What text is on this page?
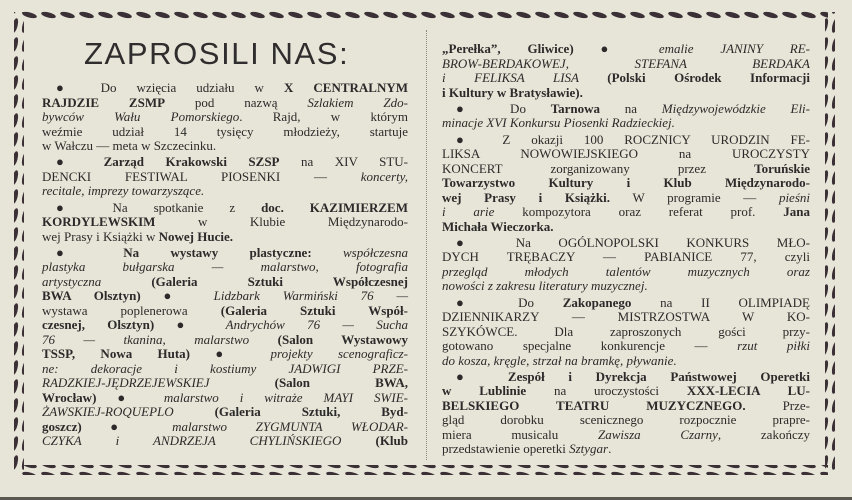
ZAPROSILI NAS:
● Do wzięcia udziału w X CENTRALNYM
RAJDZIE ZSMP pod nazwą Szlakiem Zdo-
bywców Wału Pomorskiego. Rajd, w którym
weźmie udział 14 tysięcy młodzieży, startuje
w Wałczu — meta w Szczecinku.
● Zarząd Krakowski SZSP na XIV STU-
DENCKI FESTIWAL PIOSENKI — koncerty,
recitale, imprezy towarzyszące.
● Na spotkanie z doc. KAZIMIERZEM
KORDYLEWSKIM w Klubie Międzynarodo-
wej Prasy i Książki w Nowej Hucie.
● Na wystawy plastyczne: współczesna
plastyka bułgarska — malarstwo, fotografia
artystyczna (Galeria Sztuki Współczesnej
BWA Olsztyn) ● Lidzbark Warmiński 76 —
wystawa poplenerowa (Galeria Sztuki Współ-
czesnej, Olsztyn) ● Andrychów 76 — Sucha
76 — tkanina, malarstwo (Salon Wystawowy
TSSP, Nowa Huta) ● projekty scenograficz-
ne: dekoracje i kostiumy JADWIGI PRZE-
RADZKIEJ-JĘDRZEJEWSKIEJ (Salon BWA,
Wrocław) ● malarstwo i witraże MAYI SWIE-
ŻAWSKIEJ-ROQUEPLO (Galeria Sztuki, Byd-
goszcz) ● malarstwo ZYGMUNTA WŁODAR-
CZYKA i ANDRZEJA CHYLIŃSKIEGO (Klub
„Perełka”, Gliwice) ● emalie JANINY RE-
BROW-BERDAKOWEJ, STEFANA BERDAKA
i FELIKSA LISA (Polski Ośrodek Informacji
i Kultury w Bratysławie).
● Do Tarnowa na Międzywojewódzkie Eli-
minacje XVI Konkursu Piosenki Radzieckiej.
● Z okazji 100 ROCZNICY URODZIN FE-
LIKSA NOWOWIEJSKIEGO na UROCZYSTY
KONCERT zorganizowany przez Toruńskie
Towarzystwo Kultury i Klub Międzynarodo-
wej Prasy i Książki. W programie — pieśni
i arie kompozytora oraz referat prof. Jana
Michała Wieczorka.
● Na OGÓLNOPOLSKI KONKURS MŁO-
DYCH TRĘBACZY — PABIANICE 77, czyli
przegląd młodych talentów muzycznych oraz
nowości z zakresu literatury muzycznej.
● Do Zakopanego na II OLIMPIADĘ
DZIENNIKARZY — MISTRZOSTWA W KO-
SZYKÓWCE. Dla zaproszonych gości przy-
gotowano specjalne konkurencje — rzut piłki
do kosza, kręgle, strzał na bramkę, pływanie.
● Zespół i Dyrekcja Państwowej Operetki
w Lublinie na uroczystości XXX-LECIA LU-
BELSKIEGO TEATRU MUZYCZNEGO. Prze-
gląd dorobku scenicznego rozpocznie prapre-
miera musicalu Zawisza Czarny, zakończy
przedstawienie operetki Sztygar.
